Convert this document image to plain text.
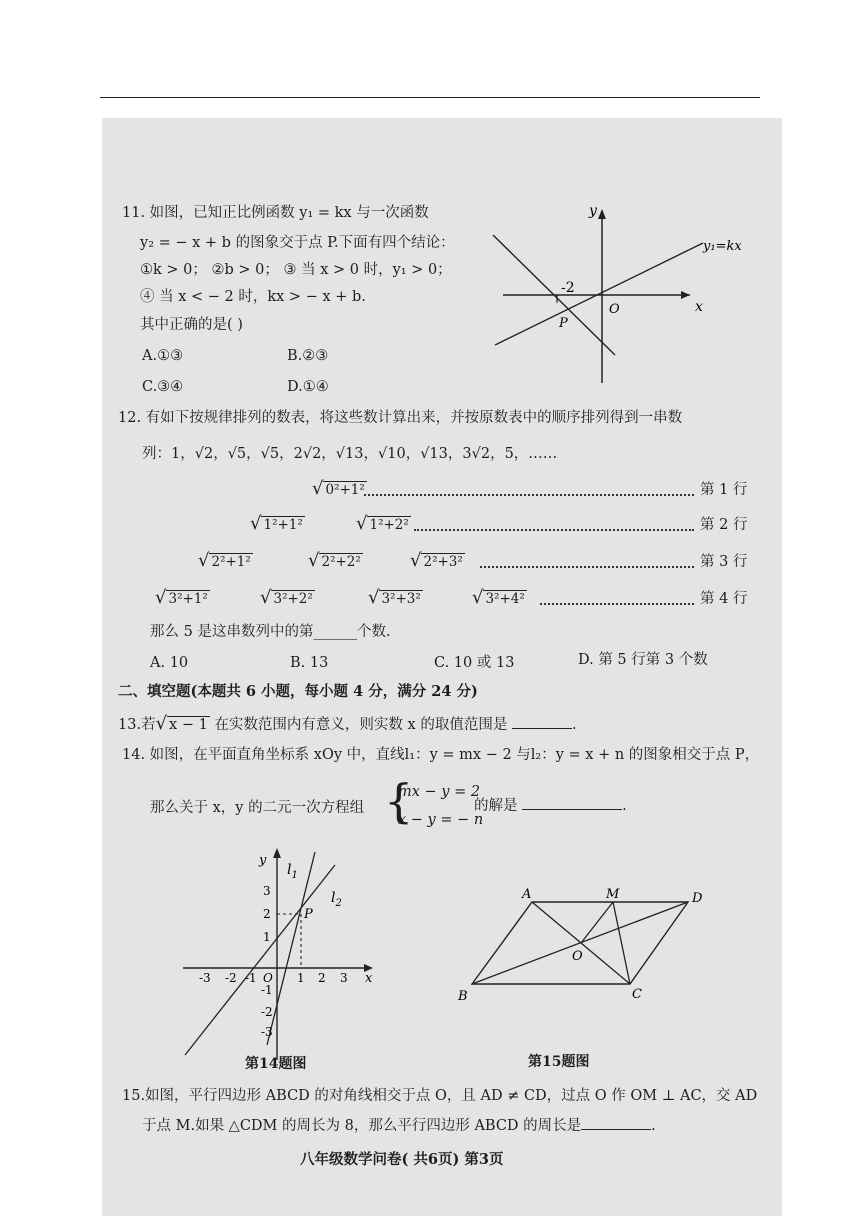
11. 如图，已知正比例函数 y₁ = kx 与一次函数
y₂ = − x + b 的图象交于点 P.下面有四个结论：
①k > 0； ②b > 0； ③ 当 x > 0 时，y₁ > 0；
④ 当 x < − 2 时，kx > − x + b.
其中正确的是( )
A.①③	B.②③
C.③④	D.①④
y
x
O
P
-2
y₁=kx
12. 有如下按规律排列的数表，将这些数计算出来，并按原数表中的顺序排列得到一串数
列：1，√2，√5，√5，2√2，√13，√10，√13，3√2，5，……
√ 0²+1²	第 1 行
√ 1²+1²	√ 1²+2²	第 2 行
√ 2²+1²	√ 2²+2²	√ 2²+3²	第 3 行
√ 3²+1²	√ 3²+2²	√ 3²+3²	√ 3²+4²	第 4 行
那么 5 是这串数列中的第______个数.
A. 10	B. 13	C. 10 或 13	D. 第 5 行第 3 个数
二、填空题(本题共 6 小题，每小题 4 分，满分 24 分)
13.若√ x − 1 在实数范围内有意义，则实数 x 的取值范围是	.
14. 如图，在平面直角坐标系 xOy 中，直线l₁：y = mx − 2 与l₂：y = x + n 的图象相交于点 P，
那么关于 x，y 的二元一次方程组 {
mx − y = 2
x − y = − n
的解是	.
$l_1$
$l_2$
P
O	x
y
-3 -2 -1	1 2 3
3
2
1
-1
-2
-3
第14题图
A	M	D
O
B	C
第15题图
15.如图，平行四边形 ABCD 的对角线相交于点 O，且 AD ≠ CD，过点 O 作 OM ⊥ AC，交 AD
于点 M.如果 △CDM 的周长为 8，那么平行四边形 ABCD 的周长是	.
八年级数学问卷( 共6页) 第3页
